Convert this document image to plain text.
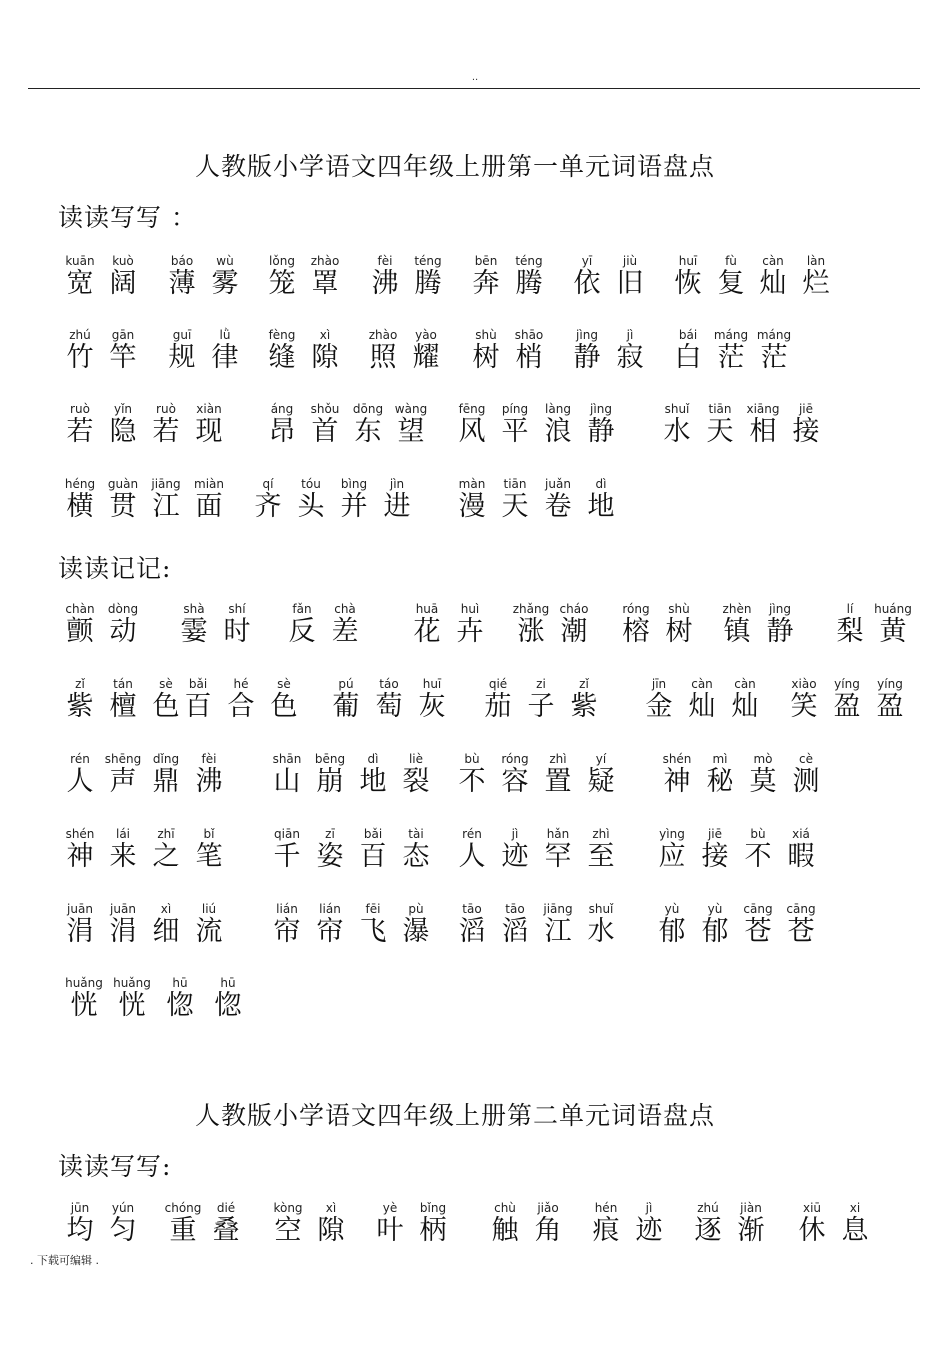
..
人教版小学语文四年级上册第一单元词语盘点
读读写写 ：
读读记记:
人教版小学语文四年级上册第二单元词语盘点
读读写写:
kuān
宽
kuò
阔
báo
薄
wù
雾
lǒng
笼
zhào
罩
fèi
沸
téng
腾
bēn
奔
téng
腾
yī
依
jiù
旧
huī
恢
fù
复
càn
灿
làn
烂
zhú
竹
gān
竿
guī
规
lǜ
律
fèng
缝
xì
隙
zhào
照
yào
耀
shù
树
shāo
梢
jìng
静
jì
寂
bái
白
máng
茫
máng
茫
ruò
若
yǐn
隐
ruò
若
xiàn
现
áng
昂
shǒu
首
dōng
东
wàng
望
fēng
风
píng
平
làng
浪
jìng
静
shuǐ
水
tiān
天
xiāng
相
jiē
接
héng
横
guàn
贯
jiāng
江
miàn
面
qí
齐
tóu
头
bìng
并
jìn
进
màn
漫
tiān
天
juǎn
卷
dì
地
chàn
颤
dòng
动
shà
霎
shí
时
fǎn
反
chà
差
huā
花
huì
卉
zhǎng
涨
cháo
潮
róng
榕
shù
树
zhèn
镇
jìng
静
lí
梨
huáng
黄
zǐ
紫
tán
檀
sè
色
bǎi
百
hé
合
sè
色
pú
葡
táo
萄
huī
灰
qié
茄
zi
子
zǐ
紫
jīn
金
càn
灿
càn
灿
xiào
笑
yíng
盈
yíng
盈
rén
人
shēng
声
dǐng
鼎
fèi
沸
shān
山
bēng
崩
dì
地
liè
裂
bù
不
róng
容
zhì
置
yí
疑
shén
神
mì
秘
mò
莫
cè
测
shén
神
lái
来
zhī
之
bǐ
笔
qiān
千
zī
姿
bǎi
百
tài
态
rén
人
jì
迹
hǎn
罕
zhì
至
yìng
应
jiē
接
bù
不
xiá
暇
juān
涓
juān
涓
xì
细
liú
流
lián
帘
lián
帘
fēi
飞
pù
瀑
tāo
滔
tāo
滔
jiāng
江
shuǐ
水
yù
郁
yù
郁
cāng
苍
cāng
苍
huǎng
恍
huǎng
恍
hū
惚
hū
惚
jūn
均
yún
匀
chóng
重
dié
叠
kòng
空
xì
隙
yè
叶
bǐng
柄
chù
触
jiǎo
角
hén
痕
jì
迹
zhú
逐
jiàn
渐
xiū
休
xi
息
. 下载可编辑 .
